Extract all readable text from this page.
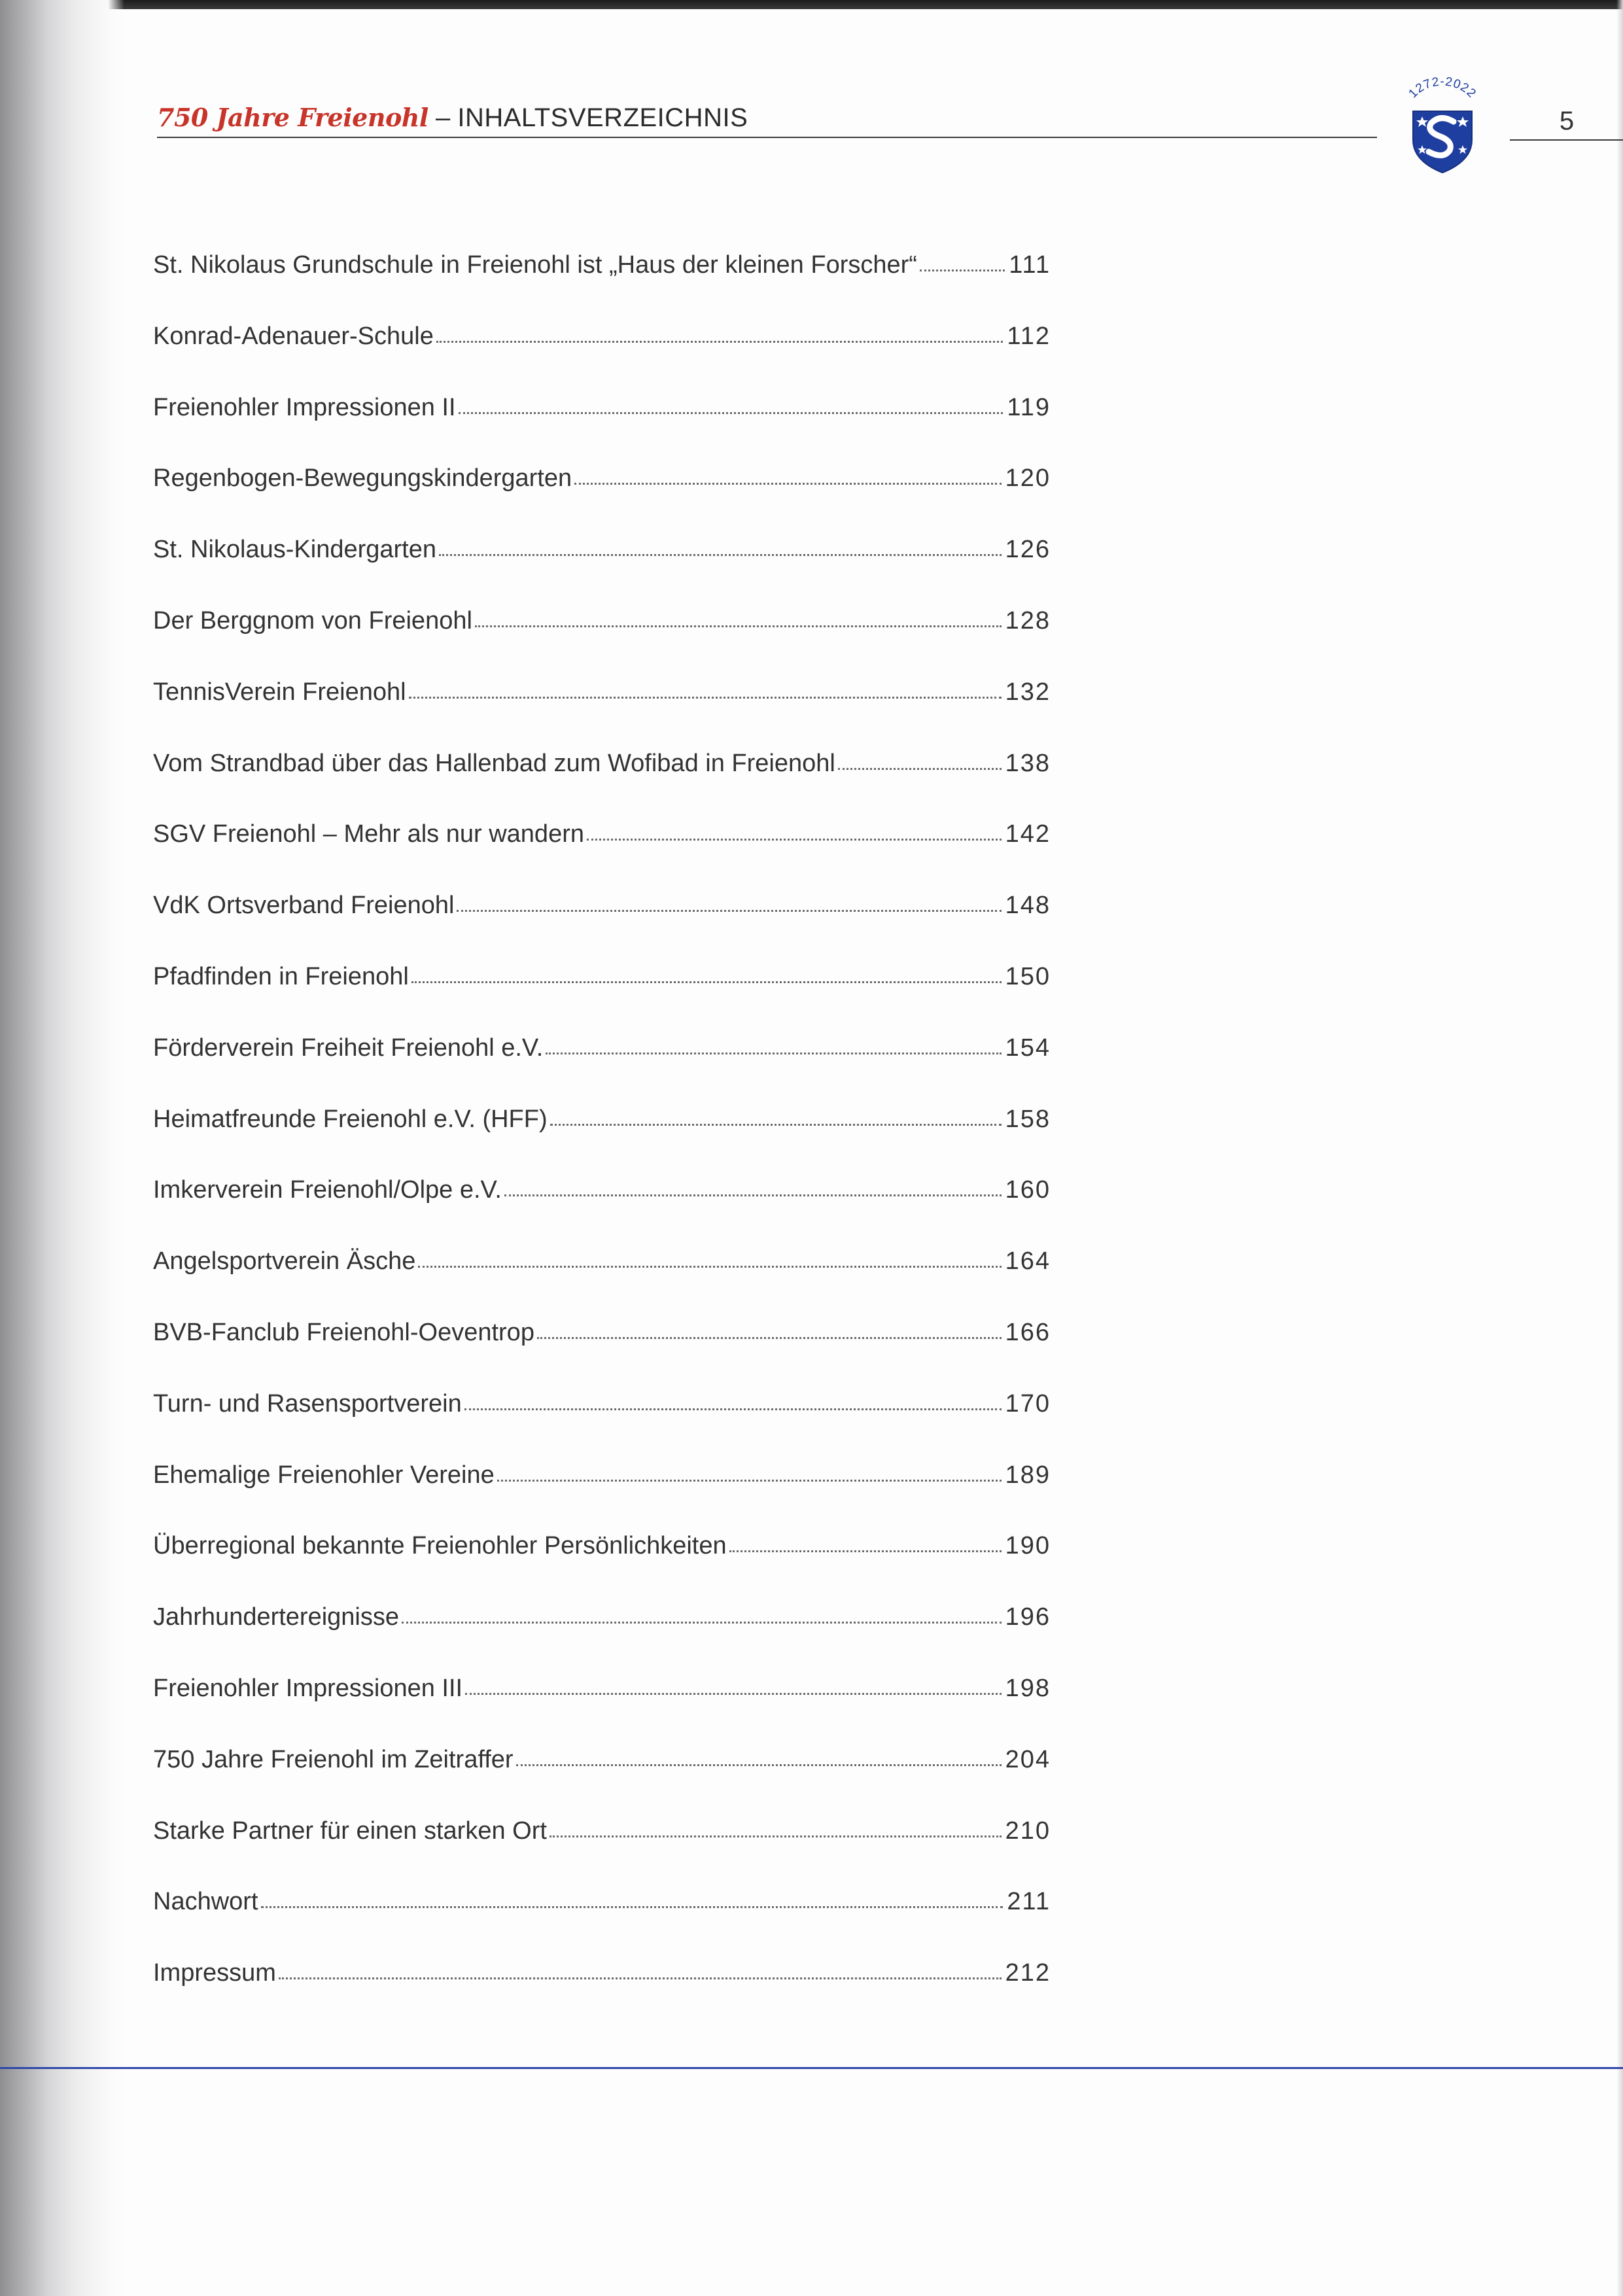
750 Jahre Freienohl – INHALTSVERZEICHNIS
1272-2022
5
St. Nikolaus Grundschule in Freienohl ist „Haus der kleinen Forscher“	111
Konrad-Adenauer-Schule	112
Freienohler Impressionen II	119
Regenbogen-Bewegungskindergarten	120
St. Nikolaus-Kindergarten	126
Der Berggnom von Freienohl	128
TennisVerein Freienohl	132
Vom Strandbad über das Hallenbad zum Wofibad in Freienohl	138
SGV Freienohl – Mehr als nur wandern	142
VdK Ortsverband Freienohl	148
Pfadfinden in Freienohl	150
Förderverein Freiheit Freienohl e.V.	154
Heimatfreunde Freienohl e.V. (HFF)	158
Imkerverein Freienohl/Olpe e.V.	160
Angelsportverein Äsche	164
BVB-Fanclub Freienohl-Oeventrop	166
Turn- und Rasensportverein	170
Ehemalige Freienohler Vereine	189
Überregional bekannte Freienohler Persönlichkeiten	190
Jahrhundertereignisse	196
Freienohler Impressionen III	198
750 Jahre Freienohl im Zeitraffer	204
Starke Partner für einen starken Ort	210
Nachwort	211
Impressum	212
